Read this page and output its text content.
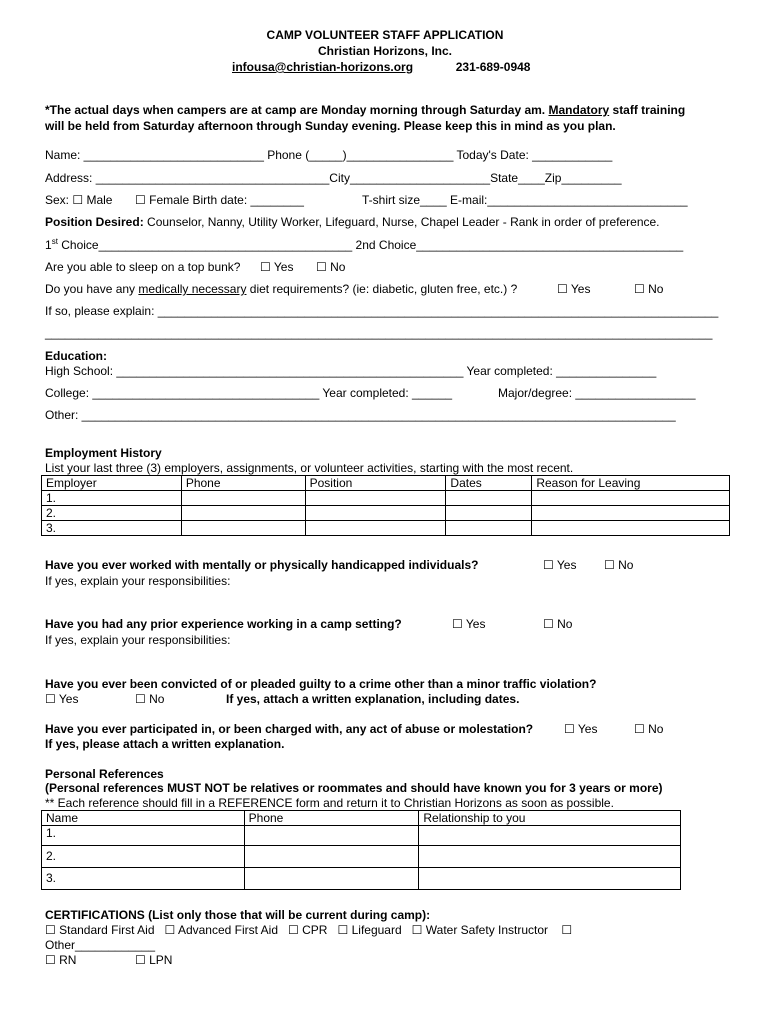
CAMP VOLUNTEER STAFF APPLICATION
Christian Horizons, Inc.
infousa@christian-horizons.org	231-689-0948
*The actual days when campers are at camp are Monday morning through Saturday am. Mandatory staff training
will be held from Saturday afternoon through Sunday evening. Please keep this in mind as you plan.
Name: ___________________________ Phone (_____)________________ Today's Date: ____________
Address: ___________________________________City_____________________State____Zip_________
Sex: ☐ Male ☐ Female Birth date: ________	T-shirt size____ E-mail:______________________________
Position Desired: Counselor, Nanny, Utility Worker, Lifeguard, Nurse, Chapel Leader - Rank in order of preference.
1st Choice______________________________________ 2nd Choice________________________________________
Are you able to sleep on a top bunk? ☐ Yes ☐ No
Do you have any medically necessary diet requirements? (ie: diabetic, gluten free, etc.) ?	☐ Yes	☐ No
If so, please explain: ____________________________________________________________________________________
____________________________________________________________________________________________________
Education:
High School: ____________________________________________________ Year completed: _______________
College: __________________________________ Year completed: ______	Major/degree: __________________
Other: _________________________________________________________________________________________
Employment History
List your last three (3) employers, assignments, or volunteer activities, starting with the most recent.
Employer	Phone	Position	Dates	Reason for Leaving
1.				
2.				
3.				
Have you ever worked with mentally or physically handicapped individuals?	☐ Yes ☐ No
If yes, explain your responsibilities:
Have you had any prior experience working in a camp setting?	☐ Yes	☐ No
If yes, explain your responsibilities:
Have you ever been convicted of or pleaded guilty to a crime other than a minor traffic violation?
☐ Yes	☐ No	If yes, attach a written explanation, including dates.
Have you ever participated in, or been charged with, any act of abuse or molestation?	☐ Yes	☐ No
If yes, please attach a written explanation.
Personal References
(Personal references MUST NOT be relatives or roommates and should have known you for 3 years or more)
** Each reference should fill in a REFERENCE form and return it to Christian Horizons as soon as possible.
Name	Phone	Relationship to you
1.		
2.		
3.		
CERTIFICATIONS (List only those that will be current during camp):
☐ Standard First Aid ☐ Advanced First Aid ☐ CPR ☐ Lifeguard ☐ Water Safety Instructor ☐
Other____________
☐ RN	☐ LPN
